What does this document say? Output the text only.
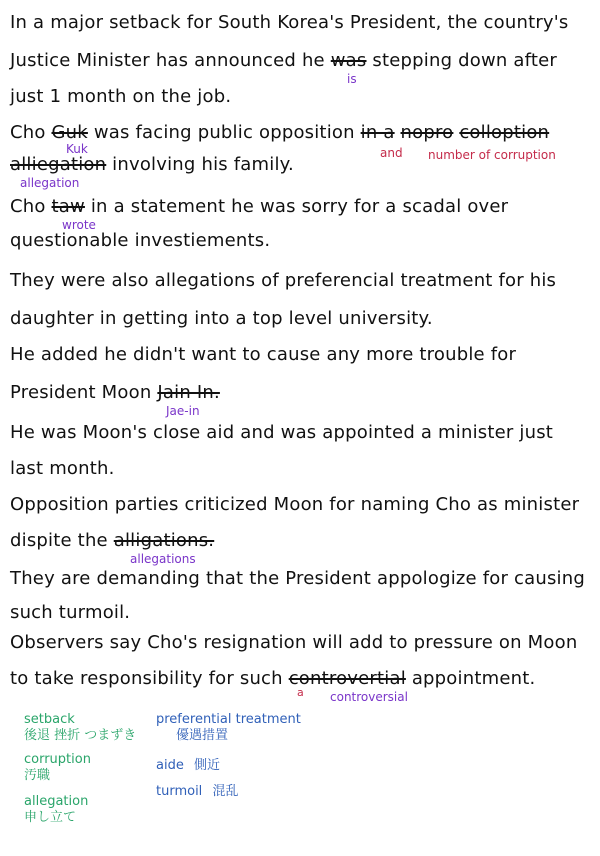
In a major setback for South Korea's President, the country's
Justice Minister has announced he was stepping down after
is
just 1 month on the job.
Cho Guk was facing public opposition in a nopro colloption
Kuk	and number of corruption
alliegation involving his family.
allegation
Cho taw in a statement he was sorry for a scadal over
wrote
questionable investiements.
They were also allegations of preferencial treatment for his
daughter in getting into a top level university.
He added he didn't want to cause any more trouble for
President Moon Jain In.
Jae-in
He was Moon's close aid and was appointed a minister just
last month.
Opposition parties criticized Moon for naming Cho as minister
dispite the alligations.
allegations
They are demanding that the President appologize for causing
such turmoil.
Observers say Cho's resignation will add to pressure on Moon
to take responsibility for such controvertial appointment.
a controversial
setback
後退 挫折 つまずき
corruption
汚職
allegation
申し立て
preferential treatment
優遇措置
aide 側近
turmoil 混乱
